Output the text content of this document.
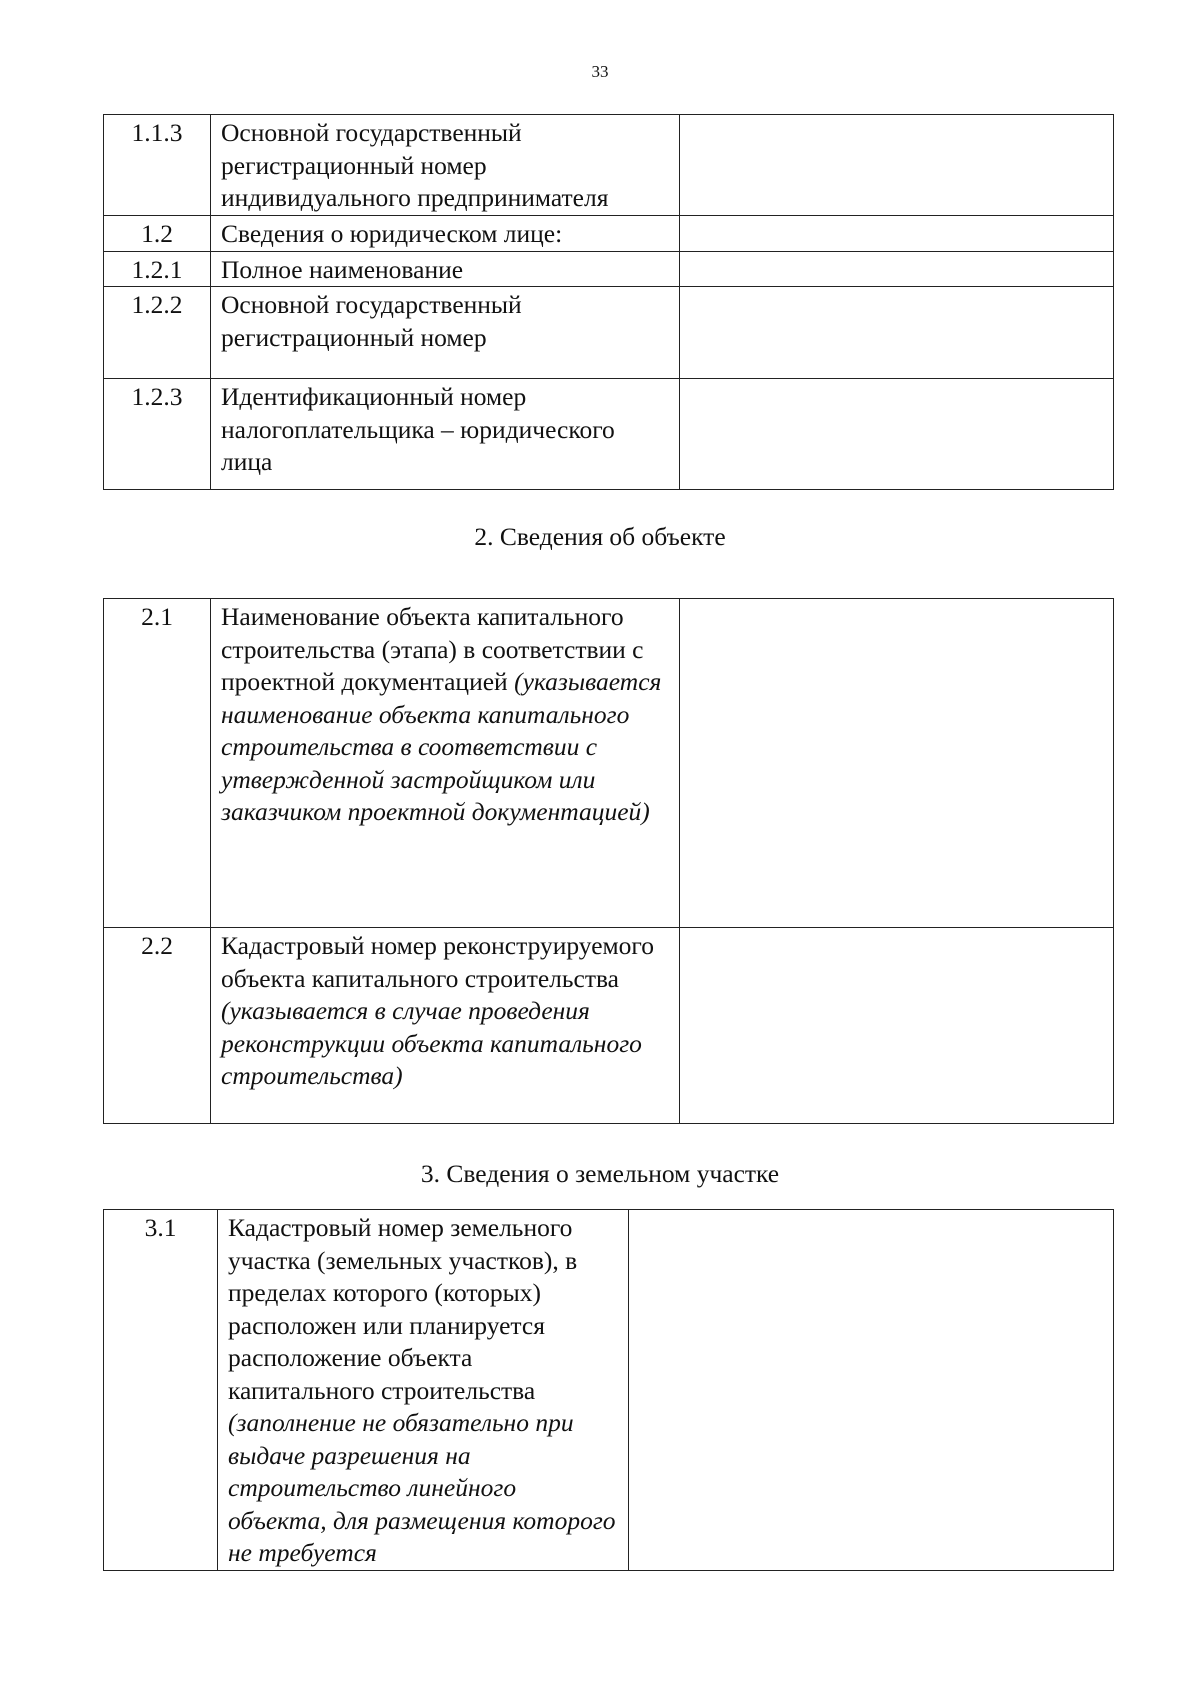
33
1.1.3	Основной государственный регистрационный номер индивидуального предпринимателя	
1.2	Сведения о юридическом лице:	
1.2.1	Полное наименование	
1.2.2	Основной государственный регистрационный номер	
1.2.3	Идентификационный номер налогоплательщика – юридического лица	
2. Сведения об объекте
2.1	Наименование объекта капитального строительства (этапа) в соответствии с проектной документацией (указывается наименование объекта капитального строительства в соответствии с утвержденной застройщиком или заказчиком проектной документацией)	
2.2	Кадастровый номер реконструируемого объекта капитального строительства (указывается в случае проведения реконструкции объекта капитального строительства)	
3. Сведения о земельном участке
3.1	Кадастровый номер земельного участка (земельных участков), в пределах которого (которых) расположен или планируется расположение объекта капитального строительства (заполнение не обязательно при выдаче разрешения на строительство линейного объекта, для размещения которого не требуется	
